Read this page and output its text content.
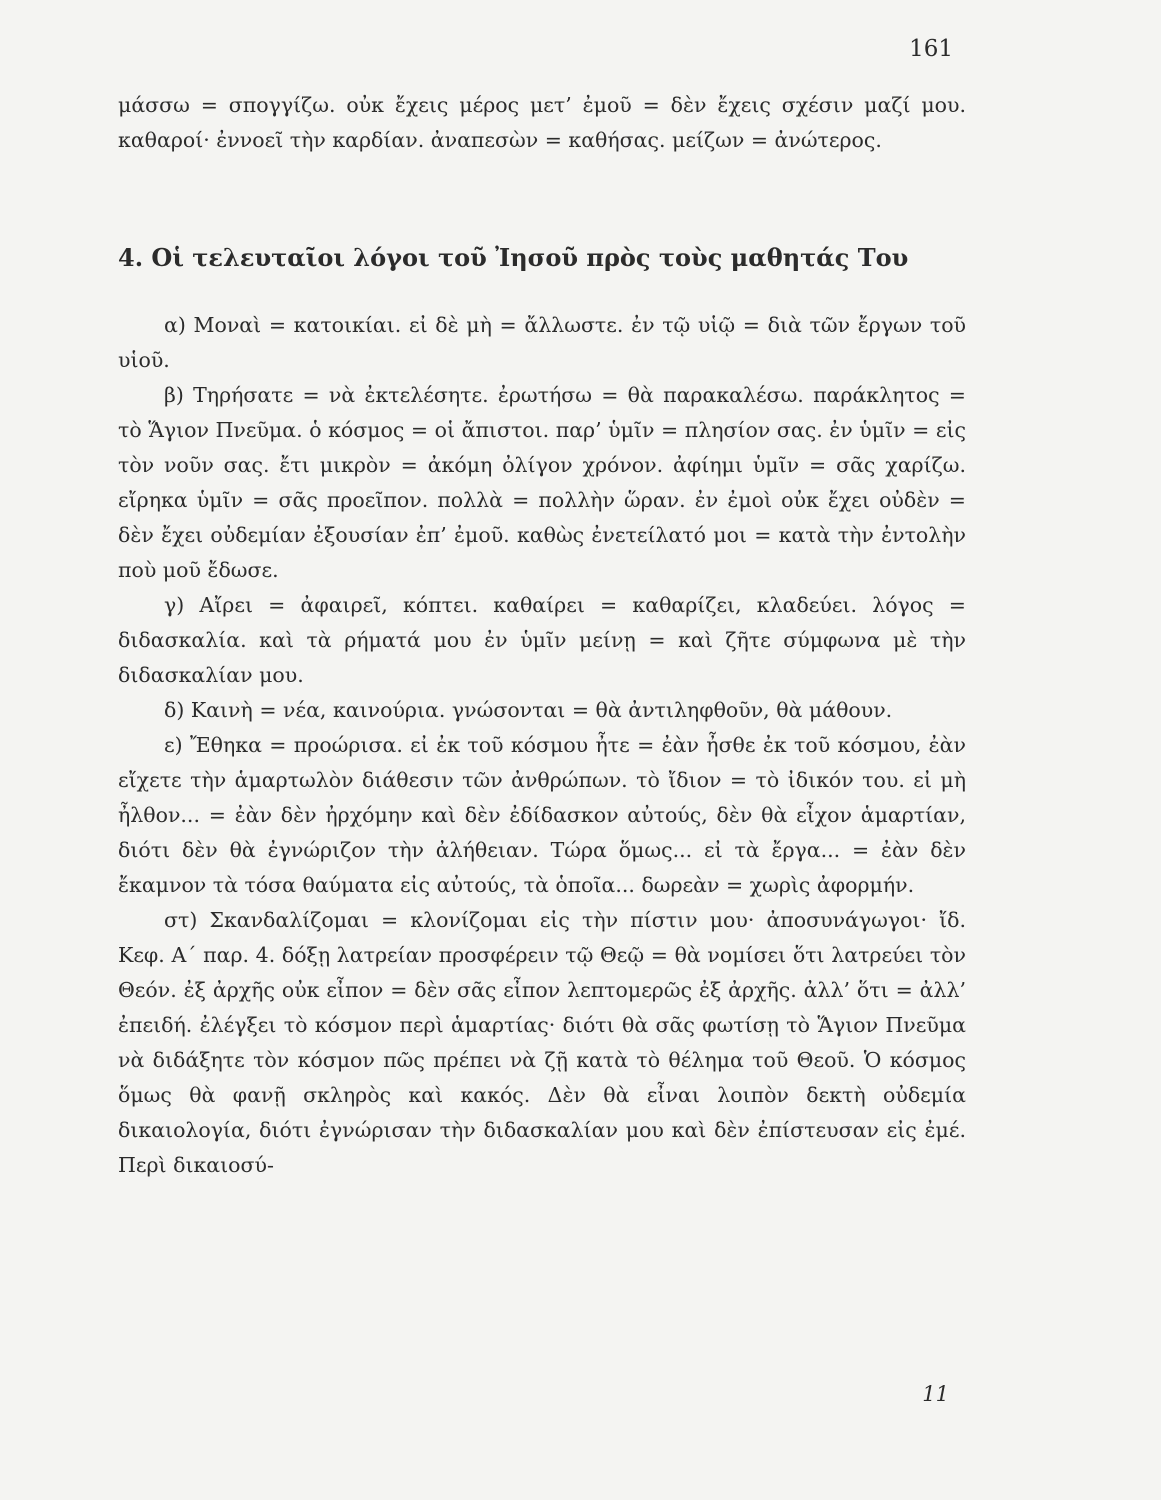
161

μάσσω = σπογγίζω. οὐκ ἔχεις μέρος μετ’ ἐμοῦ = δὲν ἔχεις σχέσιν μαζί μου. καθαροί· ἐννοεῖ τὴν καρδίαν. ἀναπεσὼν = καθήσας. μείζων = ἀνώτερος.

4. Οἱ τελευταῖοι λόγοι τοῦ Ἰησοῦ πρὸς τοὺς μαθητάς Του

α) Μοναὶ = κατοικίαι. εἰ δὲ μὴ = ἄλλωστε. ἐν τῷ υἱῷ = διὰ τῶν ἔργων τοῦ υἱοῦ.

β) Τηρήσατε = νὰ ἐκτελέσητε. ἐρωτήσω = θὰ παρακαλέσω. παράκλητος = τὸ Ἅγιον Πνεῦμα. ὁ κόσμος = οἱ ἄπιστοι. παρ’ ὑμῖν = πλησίον σας. ἐν ὑμῖν = εἰς τὸν νοῦν σας. ἔτι μικρὸν = ἀκόμη ὀλίγον χρόνον. ἀφίημι ὑμῖν = σᾶς χαρίζω. εἴρηκα ὑμῖν = σᾶς προεῖπον. πολλὰ = πολλὴν ὥραν. ἐν ἐμοὶ οὐκ ἔχει οὐδὲν = δὲν ἔχει οὐδεμίαν ἐξουσίαν ἐπ’ ἐμοῦ. καθὼς ἐνετείλατό μοι = κατὰ τὴν ἐντολὴν ποὺ μοῦ ἔδωσε.

γ) Αἴρει = ἀφαιρεῖ, κόπτει. καθαίρει = καθαρίζει, κλαδεύει. λόγος = διδασκαλία. καὶ τὰ ρήματά μου ἐν ὑμῖν μείνῃ = καὶ ζῆτε σύμφωνα μὲ τὴν διδασκαλίαν μου.

δ) Καινὴ = νέα, καινούρια. γνώσονται = θὰ ἀντιληφθοῦν, θὰ μάθουν.

ε) Ἔθηκα = προώρισα. εἰ ἐκ τοῦ κόσμου ἦτε = ἐὰν ἦσθε ἐκ τοῦ κόσμου, ἐὰν εἴχετε τὴν ἁμαρτωλὸν διάθεσιν τῶν ἀνθρώπων. τὸ ἴδιον = τὸ ἰδικόν του. εἰ μὴ ἦλθον... = ἐὰν δὲν ἠρχόμην καὶ δὲν ἐδίδασκον αὐτούς, δὲν θὰ εἶχον ἁμαρτίαν, διότι δὲν θὰ ἐγνώριζον τὴν ἀλήθειαν. Τώρα ὅμως... εἰ τὰ ἔργα... = ἐὰν δὲν ἔκαμνον τὰ τόσα θαύματα εἰς αὐτούς, τὰ ὁποῖα... δωρεὰν = χωρὶς ἀφορμήν.

στ) Σκανδαλίζομαι = κλονίζομαι εἰς τὴν πίστιν μου· ἀποσυνάγωγοι· ἴδ. Κεφ. Α΄ παρ. 4. δόξῃ λατρείαν προσφέρειν τῷ Θεῷ = θὰ νομίσει ὅτι λατρεύει τὸν Θεόν. ἐξ ἀρχῆς οὐκ εἶπον = δὲν σᾶς εἶπον λεπτομερῶς ἐξ ἀρχῆς. ἀλλ’ ὅτι = ἀλλ’ ἐπειδή. ἐλέγξει τὸ κόσμον περὶ ἁμαρτίας· διότι θὰ σᾶς φωτίσῃ τὸ Ἅγιον Πνεῦμα νὰ διδάξητε τὸν κόσμον πῶς πρέπει νὰ ζῇ κατὰ τὸ θέλημα τοῦ Θεοῦ. Ὁ κόσμος ὅμως θὰ φανῇ σκληρὸς καὶ κακός. Δὲν θὰ εἶναι λοιπὸν δεκτὴ οὐδεμία δικαιολογία, διότι ἐγνώρισαν τὴν διδασκαλίαν μου καὶ δὲν ἐπίστευσαν εἰς ἐμέ. Περὶ δικαιοσύ-

11
